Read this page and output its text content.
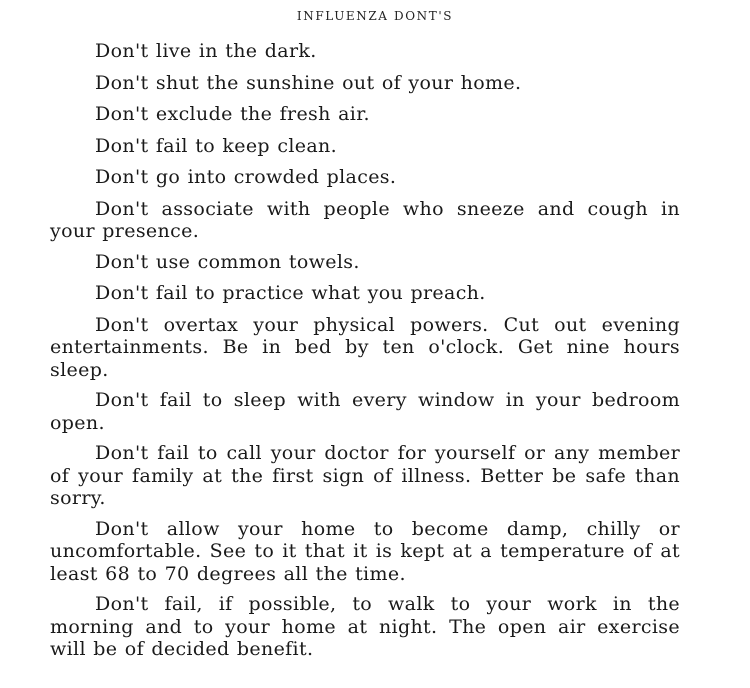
INFLUENZA DONT'S

Don't live in the dark.

Don't shut the sunshine out of your home.

Don't exclude the fresh air.

Don't fail to keep clean.

Don't go into crowded places.

Don't associate with people who sneeze and cough in your presence.

Don't use common towels.

Don't fail to practice what you preach.

Don't overtax your physical powers. Cut out evening entertainments. Be in bed by ten o'clock. Get nine hours sleep.

Don't fail to sleep with every window in your bedroom open.

Don't fail to call your doctor for yourself or any member of your family at the first sign of illness. Better be safe than sorry.

Don't allow your home to become damp, chilly or uncomfortable. See to it that it is kept at a temperature of at least 68 to 70 degrees all the time.

Don't fail, if possible, to walk to your work in the morning and to your home at night. The open air exercise will be of decided benefit.
